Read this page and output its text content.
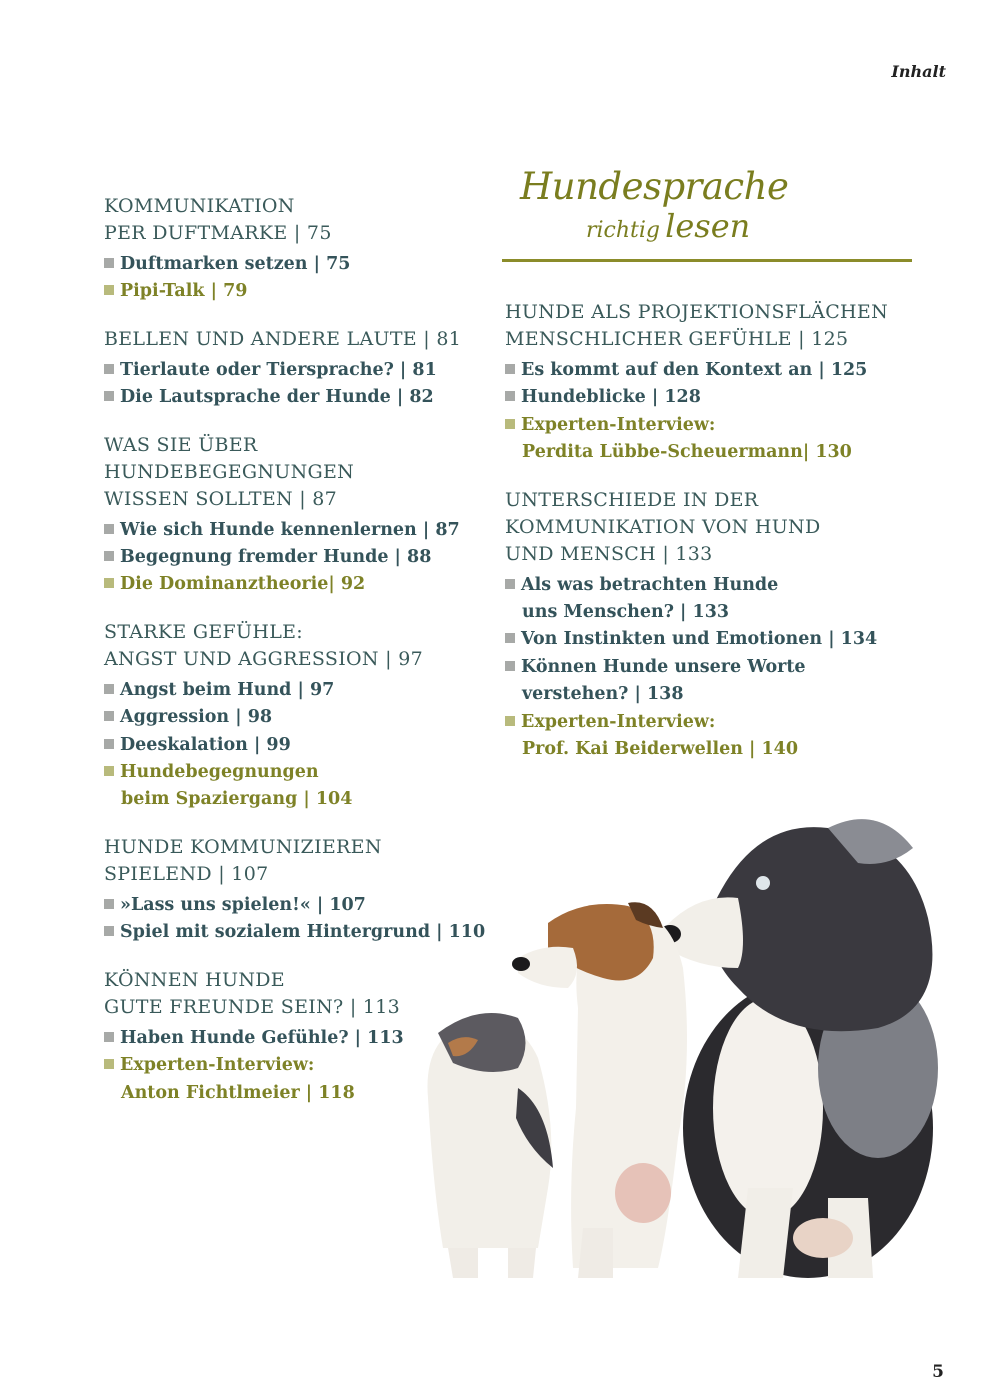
Inhalt
Hundesprache
richtig lesen
KOMMUNIKATION
PER DUFTMARKE | 75
Duftmarken setzen | 75
Pipi-Talk | 79
BELLEN UND ANDERE LAUTE | 81
Tierlaute oder Tiersprache? | 81
Die Lautsprache der Hunde | 82
WAS SIE ÜBER
HUNDEBEGEGNUNGEN
WISSEN SOLLTEN | 87
Wie sich Hunde kennenlernen | 87
Begegnung fremder Hunde | 88
Die Dominanztheorie| 92
STARKE GEFÜHLE:
ANGST UND AGGRESSION | 97
Angst beim Hund | 97
Aggression | 98
Deeskalation | 99
Hundebegegnungen
beim Spaziergang | 104
HUNDE KOMMUNIZIEREN
SPIELEND | 107
»Lass uns spielen!« | 107
Spiel mit sozialem Hintergrund | 110
KÖNNEN HUNDE
GUTE FREUNDE SEIN? | 113
Haben Hunde Gefühle? | 113
Experten-Interview:
Anton Fichtlmeier | 118
HUNDE ALS PROJEKTIONSFLÄCHEN
MENSCHLICHER GEFÜHLE | 125
Es kommt auf den Kontext an | 125
Hundeblicke | 128
Experten-Interview:
Perdita Lübbe-Scheuermann| 130
UNTERSCHIEDE IN DER
KOMMUNIKATION VON HUND
UND MENSCH | 133
Als was betrachten Hunde
uns Menschen? | 133
Von Instinkten und Emotionen | 134
Können Hunde unsere Worte
verstehen? | 138
Experten-Interview:
Prof. Kai Beiderwellen | 140
5
